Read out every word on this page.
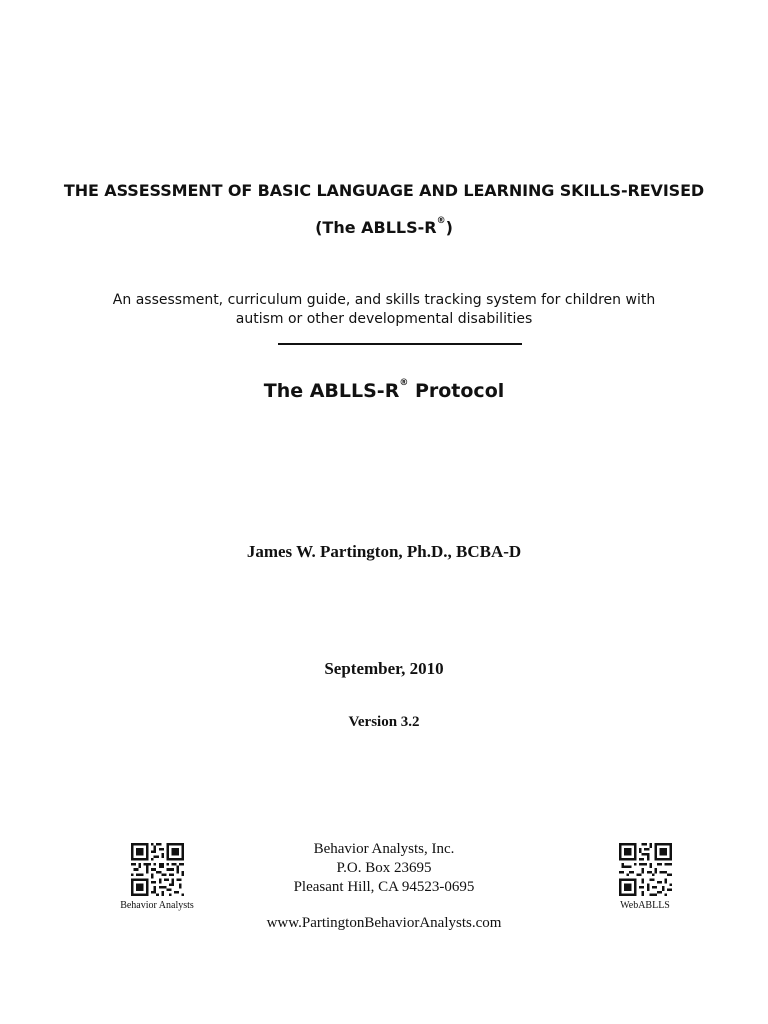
THE ASSESSMENT OF BASIC LANGUAGE AND LEARNING SKILLS-REVISED
(The ABLLS-R®)
An assessment, curriculum guide, and skills tracking system for children with
autism or other developmental disabilities
The ABLLS-R® Protocol
James W. Partington, Ph.D., BCBA-D
September, 2010
Version 3.2
Behavior Analysts, Inc.
P.O. Box 23695
Pleasant Hill, CA 94523-0695
www.PartingtonBehaviorAnalysts.com
Behavior Analysts	WebABLLS
